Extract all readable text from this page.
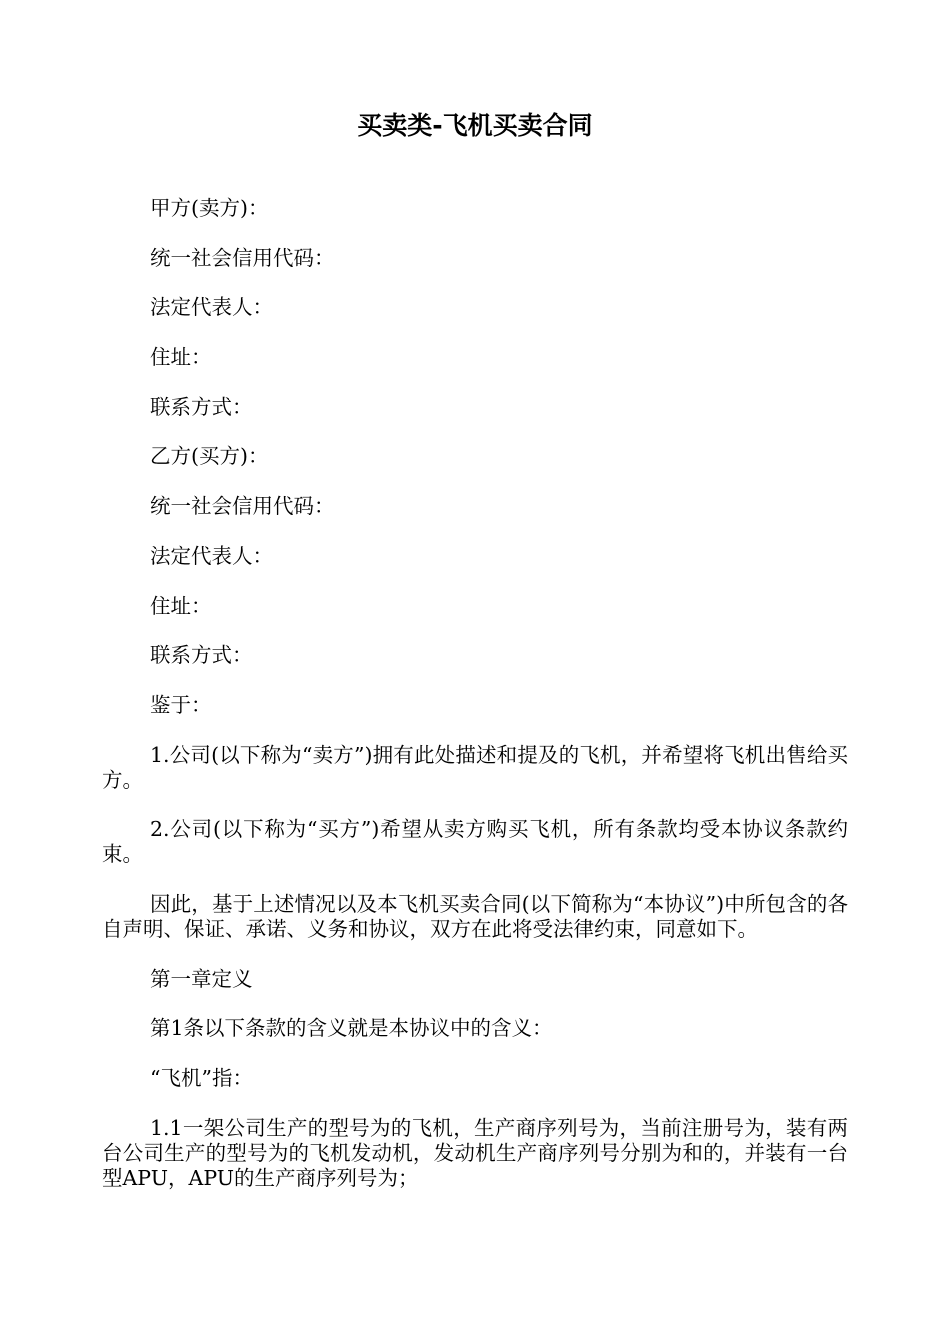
买卖类-飞机买卖合同

甲方(卖方)：

统一社会信用代码：

法定代表人：

住址：

联系方式：

乙方(买方)：

统一社会信用代码：

法定代表人：

住址：

联系方式：

鉴于：

1.公司(以下称为“卖方”)拥有此处描述和提及的飞机，并希望将飞机出售给买方。

2.公司(以下称为“买方”)希望从卖方购买飞机，所有条款均受本协议条款约束。

因此，基于上述情况以及本飞机买卖合同(以下简称为“本协议”)中所包含的各自声明、保证、承诺、义务和协议，双方在此将受法律约束，同意如下。

第一章定义

第1条以下条款的含义就是本协议中的含义：

“飞机”指：

1.1一架公司生产的型号为的飞机，生产商序列号为，当前注册号为，装有两台公司生产的型号为的飞机发动机，发动机生产商序列号分别为和的，并装有一台型APU，APU的生产商序列号为；
